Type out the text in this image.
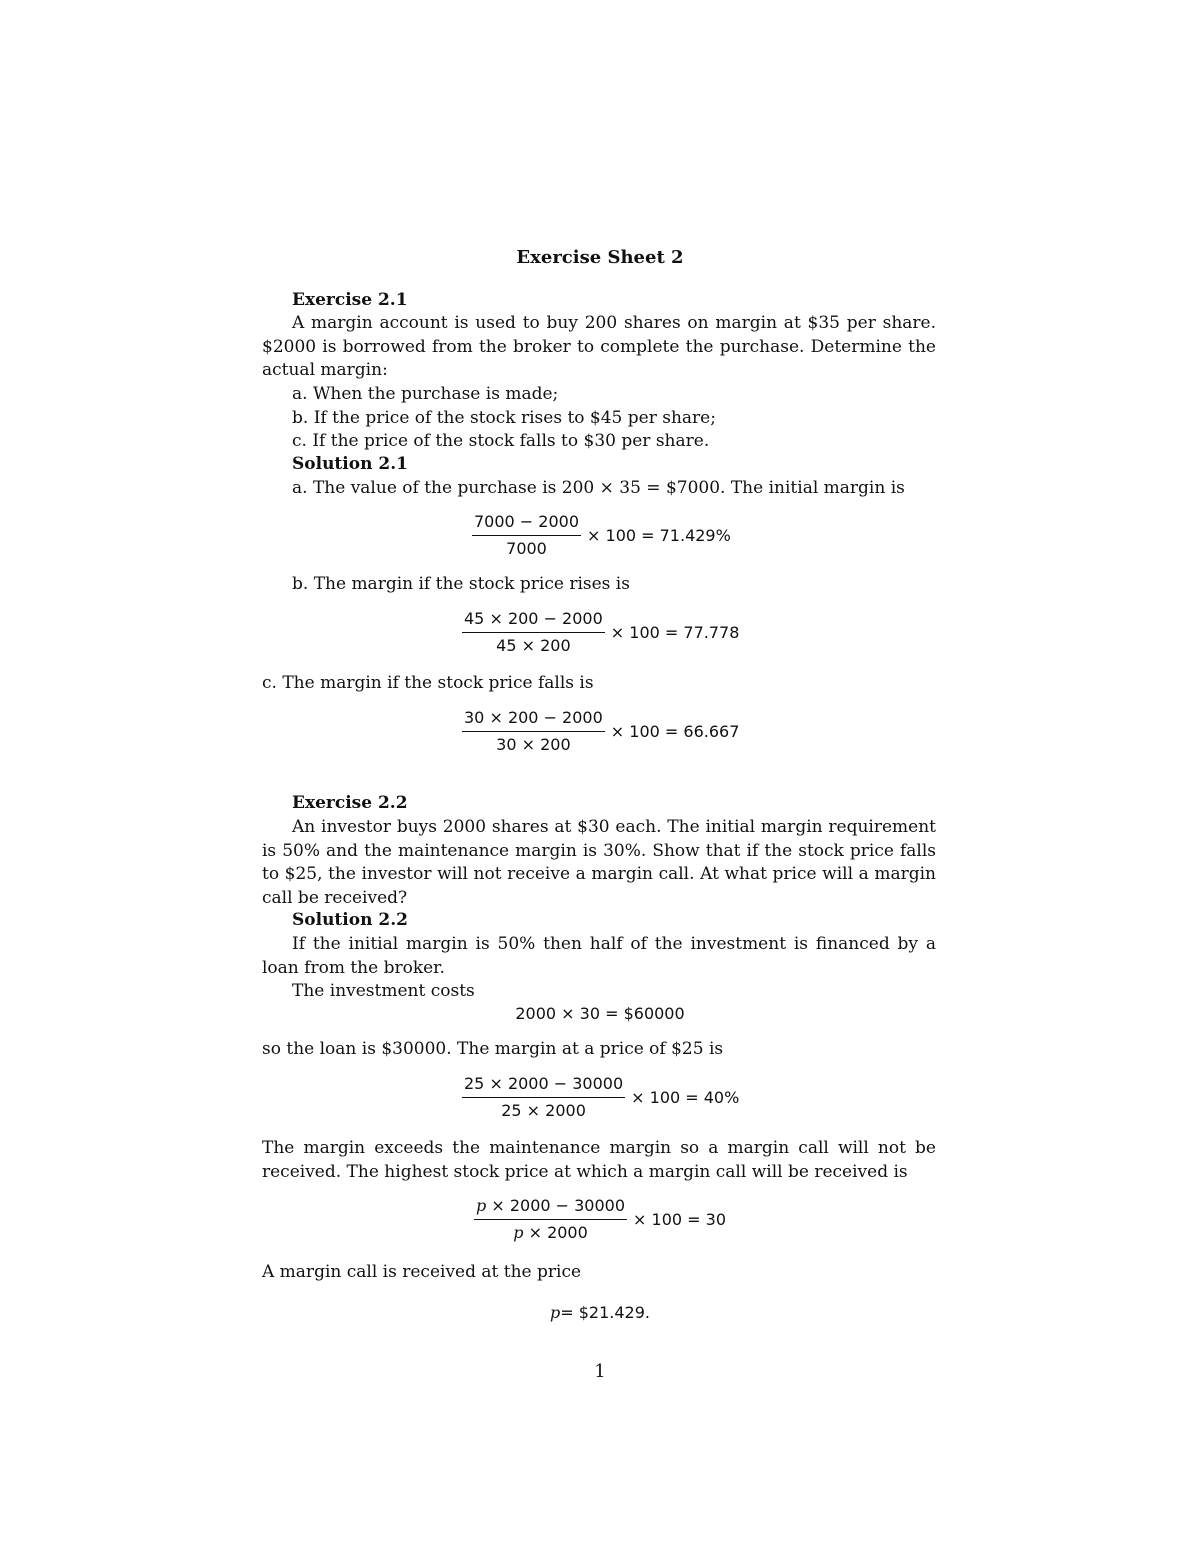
Exercise Sheet 2
Exercise 2.1
A margin account is used to buy 200 shares on margin at $35 per share. $2000 is borrowed from the broker to complete the purchase. Determine the actual margin:
a. When the purchase is made;
b. If the price of the stock rises to $45 per share;
c. If the price of the stock falls to $30 per share.
Solution 2.1
a. The value of the purchase is 200 × 35 = $7000. The initial margin is
$\frac{7000 - 2000}{7000} \times 100 = 71.429\%$
b. The margin if the stock price rises is
$\frac{45 \times 200 - 2000}{45 \times 200} \times 100 = 77.778$
c. The margin if the stock price falls is
$\frac{30 \times 200 - 2000}{30 \times 200} \times 100 = 66.667$
Exercise 2.2
An investor buys 2000 shares at $30 each. The initial margin requirement is 50% and the maintenance margin is 30%. Show that if the stock price falls to $25, the investor will not receive a margin call. At what price will a margin call be received?
Solution 2.2
If the initial margin is 50% then half of the investment is financed by a loan from the broker.
The investment costs
2000 × 30 = $60000
so the loan is $30000. The margin at a price of $25 is
$\frac{25 \times 2000 - 30000}{25 \times 2000} \times 100 = 40\%$
The margin exceeds the maintenance margin so a margin call will not be received. The highest stock price at which a margin call will be received is
$\frac{p \times 2000 - 30000}{p \times 2000} \times 100 = 30$
A margin call is received at the price
p = $21.429.
1
